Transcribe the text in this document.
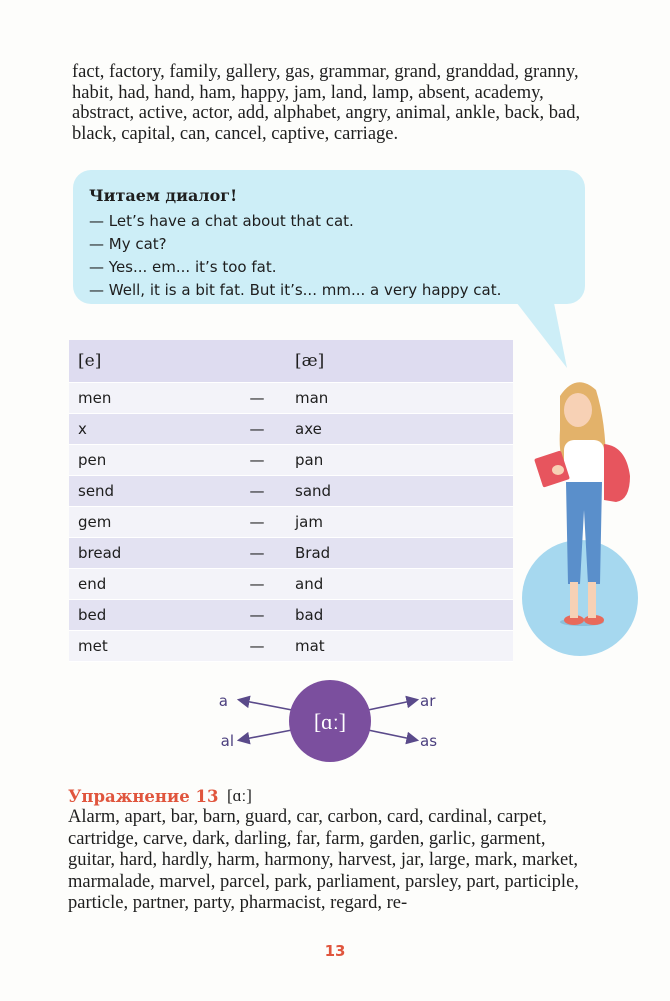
fact, factory, family, gallery, gas, grammar, grand, granddad, granny, habit, had, hand, ham, happy, jam, land, lamp, absent, academy, abstract, active, actor, add, alphabet, angry, animal, ankle, back, bad, black, capital, can, cancel, captive, carriage.
Читаем диалог!
— Let’s have a chat about that cat.
— My cat?
— Yes... em... it’s too fat.
— Well, it is a bit fat. But it’s... mm... a very happy cat.
[e]		[æ]
men	—	man
x	—	axe
pen	—	pan
send	—	sand
gem	—	jam
bread	—	Brad
end	—	and
bed	—	bad
met	—	mat
[ɑː]
a
al
ar
as
Упражнение 13 [ɑː]
Alarm, apart, bar, barn, guard, car, carbon, card, cardinal, carpet, cartridge, carve, dark, darling, far, farm, garden, garlic, garment, guitar, hard, hardly, harm, harmony, harvest, jar, large, mark, market, marmalade, marvel, parcel, park, parliament, parsley, part, participle, particle, partner, party, pharmacist, regard, re-
13
